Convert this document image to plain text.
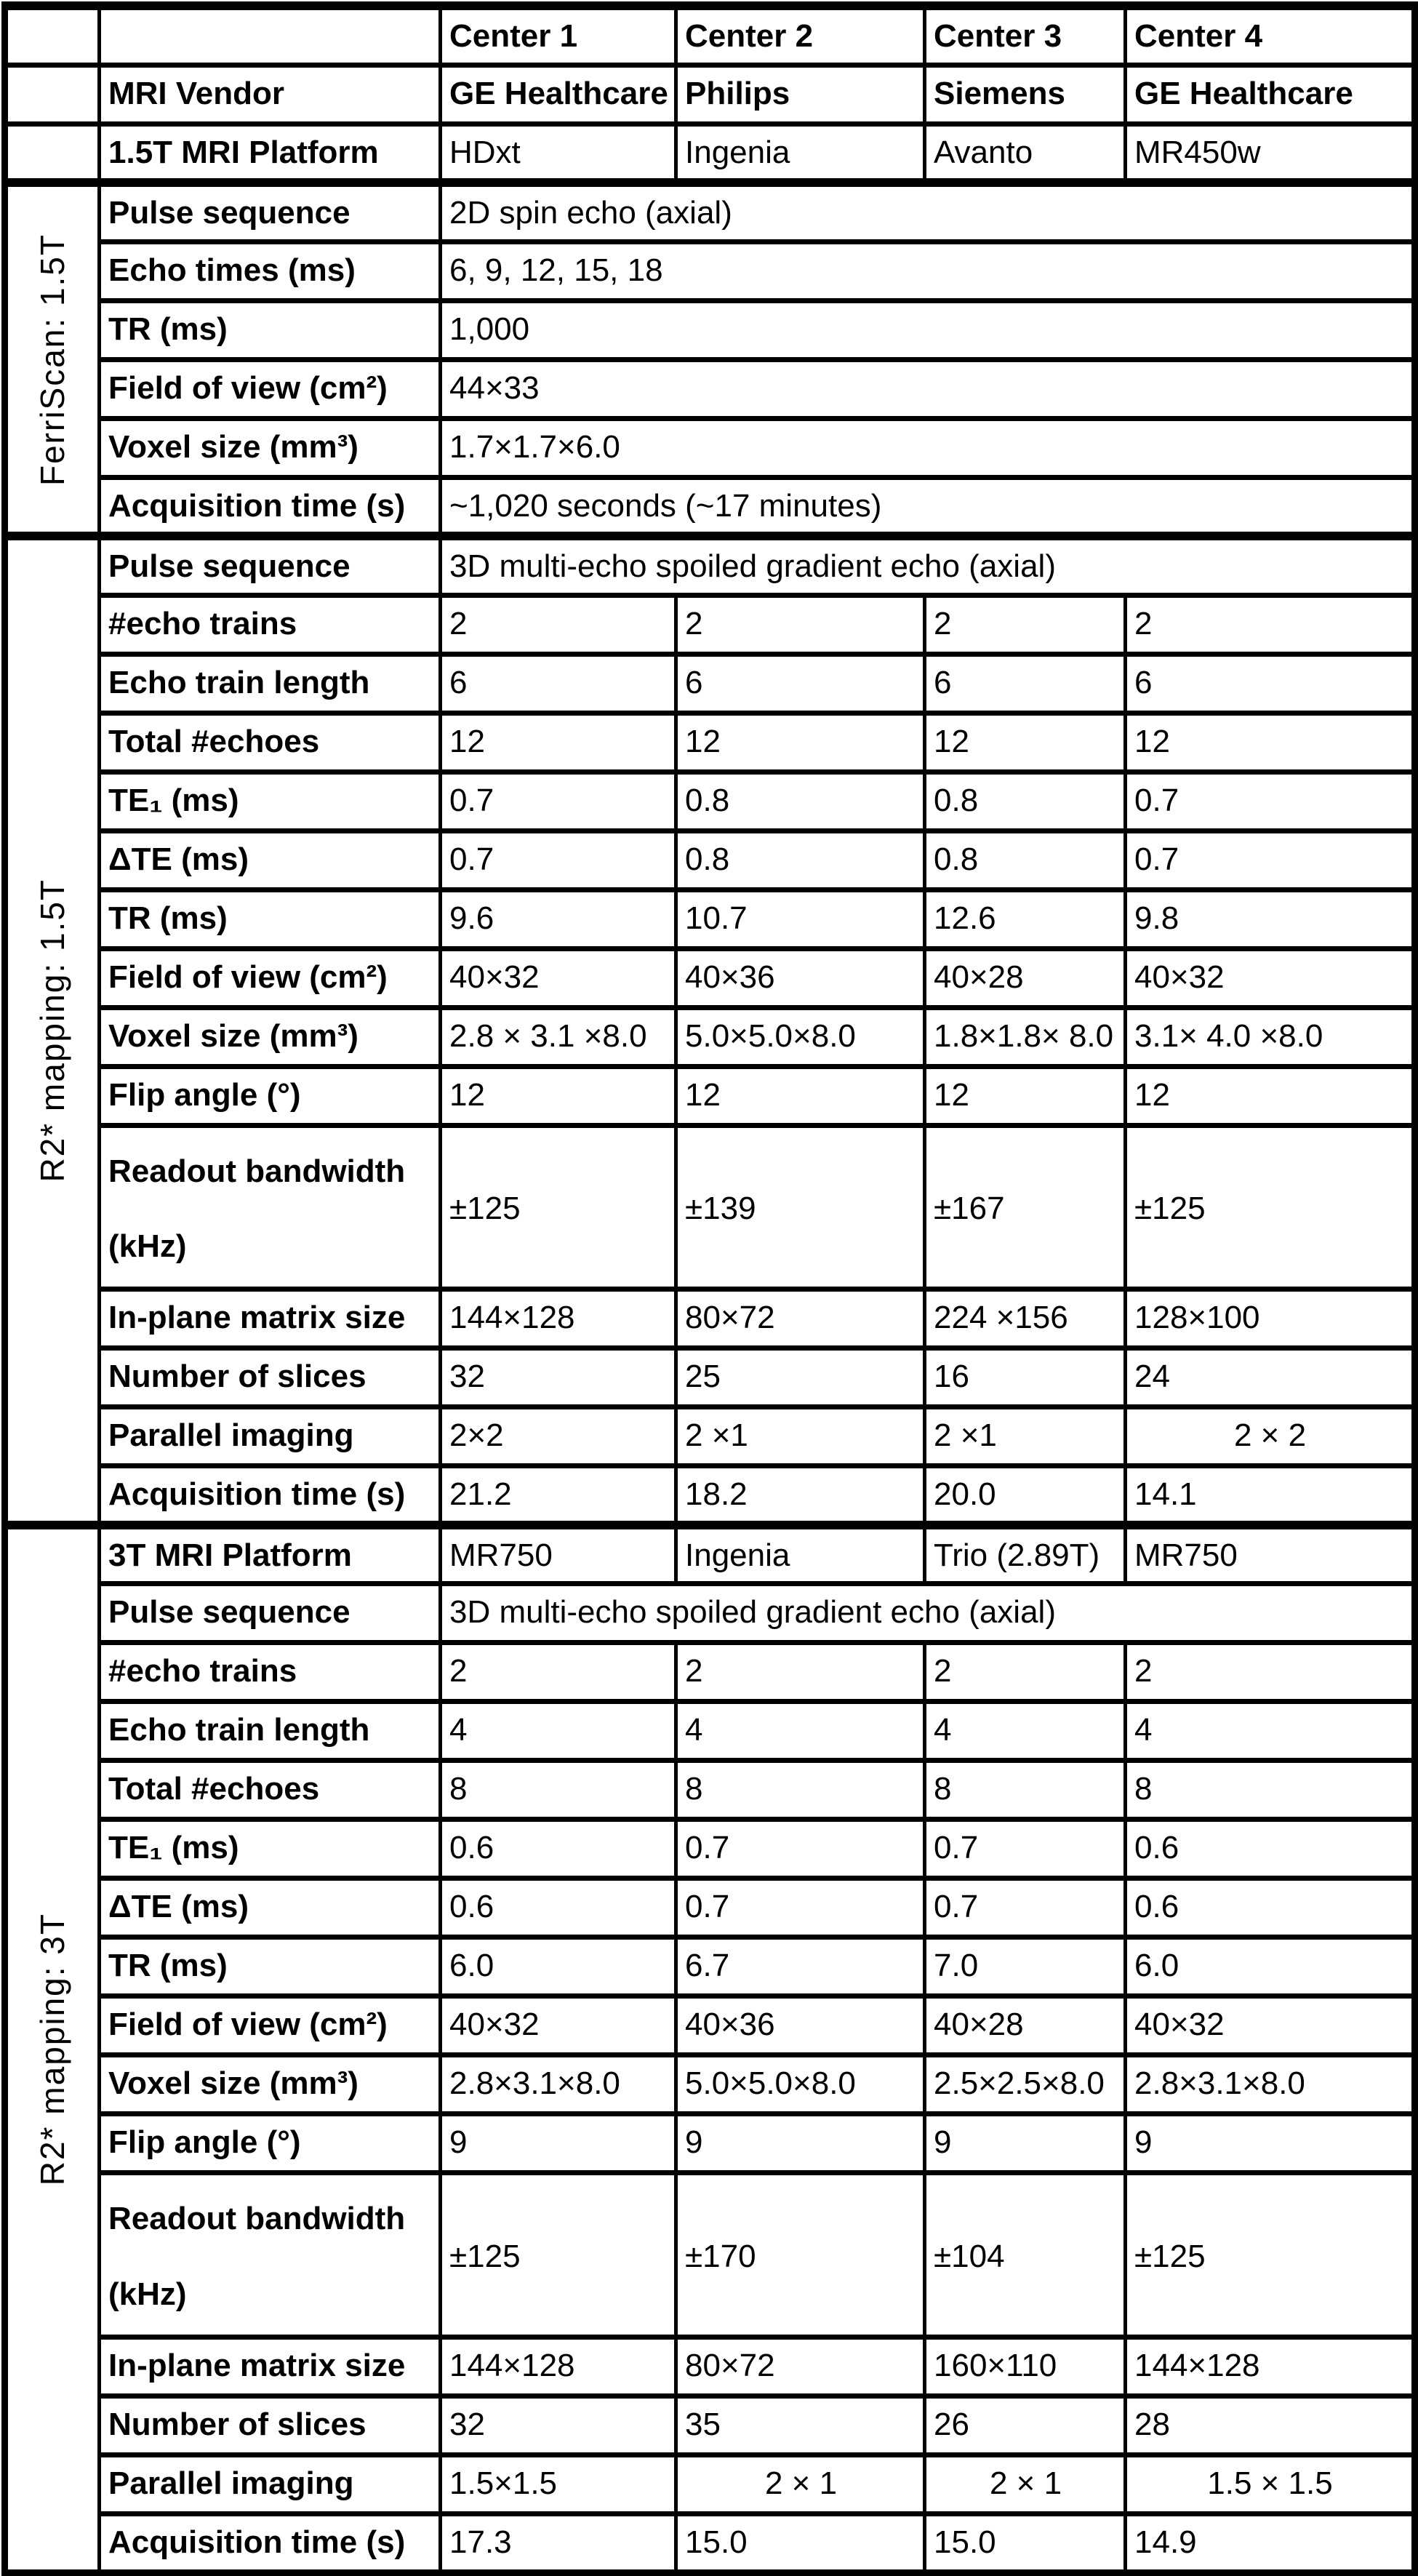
		Center 1	Center 2	Center 3	Center 4
	MRI Vendor	GE Healthcare	Philips	Siemens	GE Healthcare
	1.5T MRI Platform	HDxt	Ingenia	Avanto	MR450w

FerriScan: 1.5T	Pulse sequence	2D spin echo (axial)			
	Echo times (ms)	6, 9, 12, 15, 18			
	TR (ms)	1,000			
	Field of view (cm²)	44×33			
	Voxel size (mm³)	1.7×1.7×6.0			
	Acquisition time (s)	~1,020 seconds (~17 minutes)			

R2* mapping: 1.5T	Pulse sequence	3D multi-echo spoiled gradient echo (axial)			
	#echo trains	2	2	2	2
	Echo train length	6	6	6	6
	Total #echoes	12	12	12	12
	TE₁ (ms)	0.7	0.8	0.8	0.7
	ΔTE (ms)	0.7	0.8	0.8	0.7
	TR (ms)	9.6	10.7	12.6	9.8
	Field of view (cm²)	40×32	40×36	40×28	40×32
	Voxel size (mm³)	2.8 × 3.1 ×8.0	5.0×5.0×8.0	1.8×1.8× 8.0	3.1× 4.0 ×8.0
	Flip angle (°)	12	12	12	12
	Readout bandwidth (kHz)	±125	±139	±167	±125
	In-plane matrix size	144×128	80×72	224 ×156	128×100
	Number of slices	32	25	16	24
	Parallel imaging	2×2	2 ×1	2 ×1	2 × 2
	Acquisition time (s)	21.2	18.2	20.0	14.1

R2* mapping: 3T	3T MRI Platform	MR750	Ingenia	Trio (2.89T)	MR750
	Pulse sequence	3D multi-echo spoiled gradient echo (axial)			
	#echo trains	2	2	2	2
	Echo train length	4	4	4	4
	Total #echoes	8	8	8	8
	TE₁ (ms)	0.6	0.7	0.7	0.6
	ΔTE (ms)	0.6	0.7	0.7	0.6
	TR (ms)	6.0	6.7	7.0	6.0
	Field of view (cm²)	40×32	40×36	40×28	40×32
	Voxel size (mm³)	2.8×3.1×8.0	5.0×5.0×8.0	2.5×2.5×8.0	2.8×3.1×8.0
	Flip angle (°)	9	9	9	9
	Readout bandwidth (kHz)	±125	±170	±104	±125
	In-plane matrix size	144×128	80×72	160×110	144×128
	Number of slices	32	35	26	28
	Parallel imaging	1.5×1.5	2 × 1	2 × 1	1.5 × 1.5
	Acquisition time (s)	17.3	15.0	15.0	14.9
